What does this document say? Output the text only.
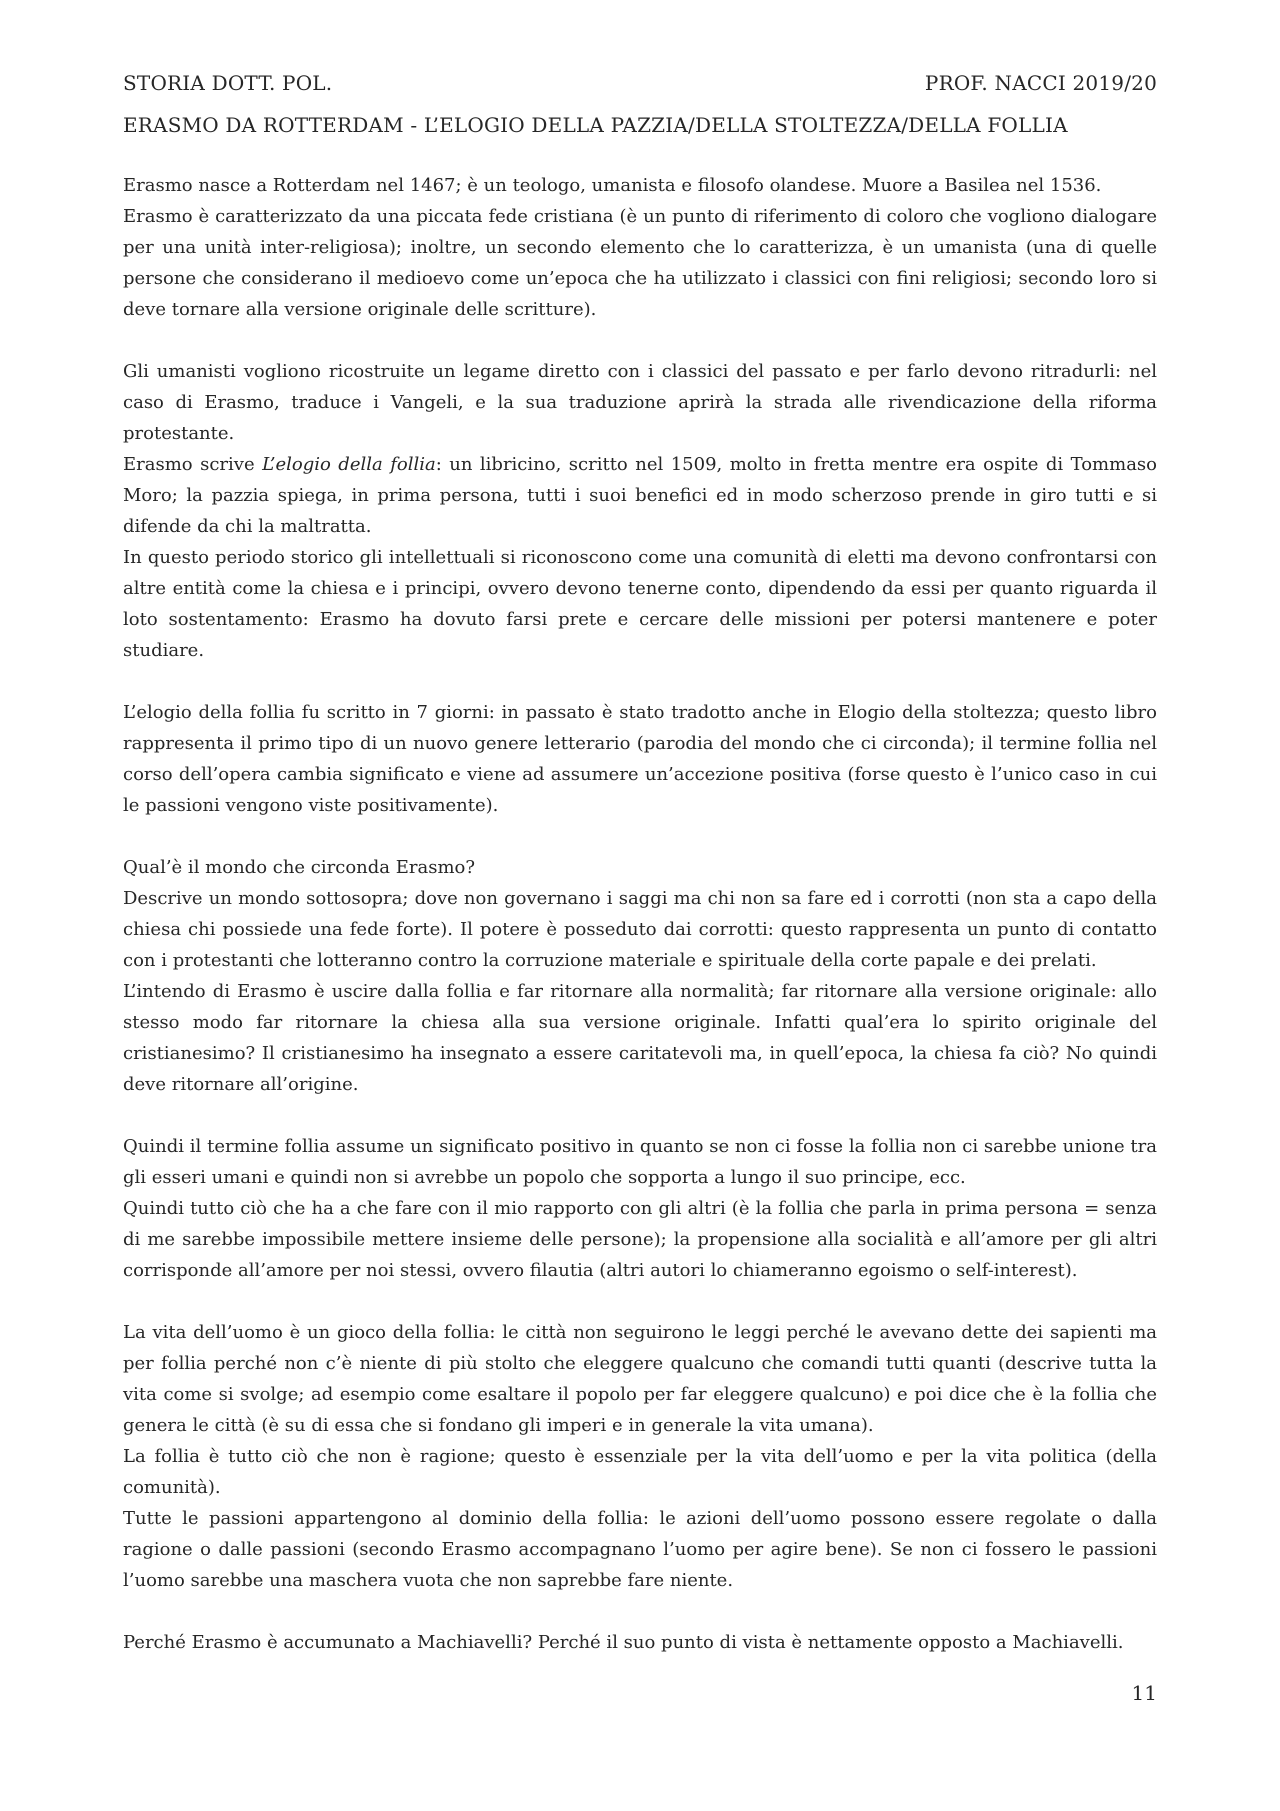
STORIA DOTT. POL.	PROF. NACCI 2019/20
ERASMO DA ROTTERDAM - L’ELOGIO DELLA PAZZIA/DELLA STOLTEZZA/DELLA FOLLIA

Erasmo nasce a Rotterdam nel 1467; è un teologo, umanista e filosofo olandese. Muore a Basilea nel 1536.

Erasmo è caratterizzato da una piccata fede cristiana (è un punto di riferimento di coloro che vogliono dialogare per una unità inter-religiosa); inoltre, un secondo elemento che lo caratterizza, è un umanista (una di quelle persone che considerano il medioevo come un’epoca che ha utilizzato i classici con fini religiosi; secondo loro si deve tornare alla versione originale delle scritture).

Gli umanisti vogliono ricostruite un legame diretto con i classici del passato e per farlo devono ritradurli: nel caso di Erasmo, traduce i Vangeli, e la sua traduzione aprirà la strada alle rivendicazione della riforma protestante.

Erasmo scrive L’elogio della follia: un libricino, scritto nel 1509, molto in fretta mentre era ospite di Tommaso Moro; la pazzia spiega, in prima persona, tutti i suoi benefici ed in modo scherzoso prende in giro tutti e si difende da chi la maltratta.

In questo periodo storico gli intellettuali si riconoscono come una comunità di eletti ma devono confrontarsi con altre entità come la chiesa e i principi, ovvero devono tenerne conto, dipendendo da essi per quanto riguarda il loto sostentamento: Erasmo ha dovuto farsi prete e cercare delle missioni per potersi mantenere e poter studiare.

L’elogio della follia fu scritto in 7 giorni: in passato è stato tradotto anche in Elogio della stoltezza; questo libro rappresenta il primo tipo di un nuovo genere letterario (parodia del mondo che ci circonda); il termine follia nel corso dell’opera cambia significato e viene ad assumere un’accezione positiva (forse questo è l’unico caso in cui le passioni vengono viste positivamente).

Qual’è il mondo che circonda Erasmo?

Descrive un mondo sottosopra; dove non governano i saggi ma chi non sa fare ed i corrotti (non sta a capo della chiesa chi possiede una fede forte). Il potere è posseduto dai corrotti: questo rappresenta un punto di contatto con i protestanti che lotteranno contro la corruzione materiale e spirituale della corte papale e dei prelati.

L’intendo di Erasmo è uscire dalla follia e far ritornare alla normalità; far ritornare alla versione originale: allo stesso modo far ritornare la chiesa alla sua versione originale. Infatti qual’era lo spirito originale del cristianesimo? Il cristianesimo ha insegnato a essere caritatevoli ma, in quell’epoca, la chiesa fa ciò? No quindi deve ritornare all’origine.

Quindi il termine follia assume un significato positivo in quanto se non ci fosse la follia non ci sarebbe unione tra gli esseri umani e quindi non si avrebbe un popolo che sopporta a lungo il suo principe, ecc.

Quindi tutto ciò che ha a che fare con il mio rapporto con gli altri (è la follia che parla in prima persona = senza di me sarebbe impossibile mettere insieme delle persone); la propensione alla socialità e all’amore per gli altri corrisponde all’amore per noi stessi, ovvero filautia (altri autori lo chiameranno egoismo o self-interest).

La vita dell’uomo è un gioco della follia: le città non seguirono le leggi perché le avevano dette dei sapienti ma per follia perché non c’è niente di più stolto che eleggere qualcuno che comandi tutti quanti (descrive tutta la vita come si svolge; ad esempio come esaltare il popolo per far eleggere qualcuno) e poi dice che è la follia che genera le città (è su di essa che si fondano gli imperi e in generale la vita umana).

La follia è tutto ciò che non è ragione; questo è essenziale per la vita dell’uomo e per la vita politica (della comunità).

Tutte le passioni appartengono al dominio della follia: le azioni dell’uomo possono essere regolate o dalla ragione o dalle passioni (secondo Erasmo accompagnano l’uomo per agire bene). Se non ci fossero le passioni l’uomo sarebbe una maschera vuota che non saprebbe fare niente.

Perché Erasmo è accumunato a Machiavelli? Perché il suo punto di vista è nettamente opposto a Machiavelli.

11
